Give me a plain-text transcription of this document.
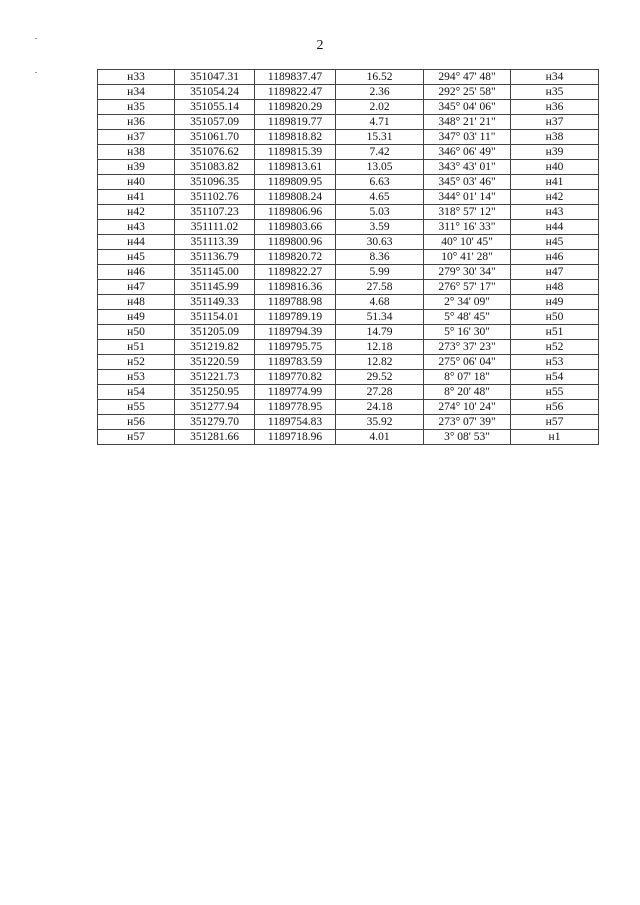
2
н33	351047.31	1189837.47	16.52	294° 47' 48"	н34
н34	351054.24	1189822.47	2.36	292° 25' 58"	н35
н35	351055.14	1189820.29	2.02	345° 04' 06"	н36
н36	351057.09	1189819.77	4.71	348° 21' 21"	н37
н37	351061.70	1189818.82	15.31	347° 03' 11"	н38
н38	351076.62	1189815.39	7.42	346° 06' 49"	н39
н39	351083.82	1189813.61	13.05	343° 43' 01"	н40
н40	351096.35	1189809.95	6.63	345° 03' 46"	н41
н41	351102.76	1189808.24	4.65	344° 01' 14"	н42
н42	351107.23	1189806.96	5.03	318° 57' 12"	н43
н43	351111.02	1189803.66	3.59	311° 16' 33"	н44
н44	351113.39	1189800.96	30.63	40° 10' 45"	н45
н45	351136.79	1189820.72	8.36	10° 41' 28"	н46
н46	351145.00	1189822.27	5.99	279° 30' 34"	н47
н47	351145.99	1189816.36	27.58	276° 57' 17"	н48
н48	351149.33	1189788.98	4.68	2° 34' 09"	н49
н49	351154.01	1189789.19	51.34	5° 48' 45"	н50
н50	351205.09	1189794.39	14.79	5° 16' 30"	н51
н51	351219.82	1189795.75	12.18	273° 37' 23"	н52
н52	351220.59	1189783.59	12.82	275° 06' 04"	н53
н53	351221.73	1189770.82	29.52	8° 07' 18"	н54
н54	351250.95	1189774.99	27.28	8° 20' 48"	н55
н55	351277.94	1189778.95	24.18	274° 10' 24"	н56
н56	351279.70	1189754.83	35.92	273° 07' 39"	н57
н57	351281.66	1189718.96	4.01	3° 08' 53"	н1
